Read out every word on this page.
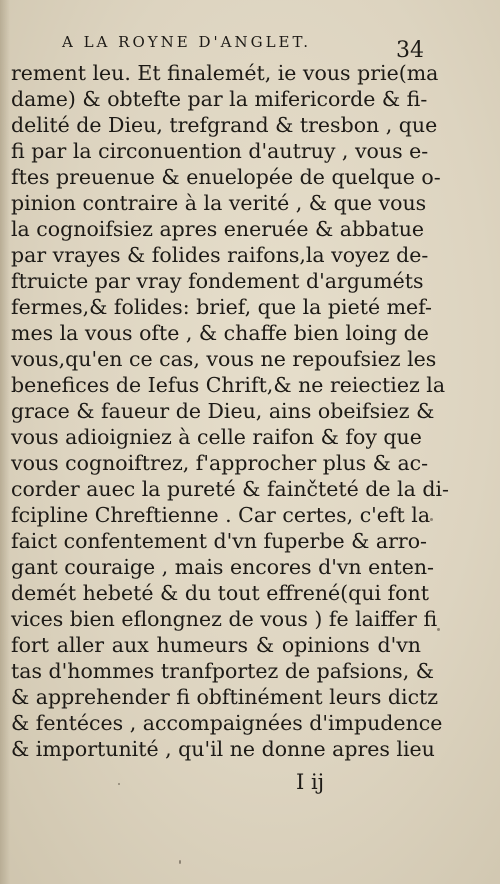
A LA ROYNE D'ANGLET.	34
rement leu. Et finalemét, ie vous prie(ma
dame) & obtefte par la mifericorde & fi-
delité de Dieu, trefgrand & tresbon , que
fi par la circonuention d'autruy , vous e-
ftes preuenue & enuelopée de quelque o-
pinion contraire à la verité , & que vous
la cognoifsiez apres eneruée & abbatue
par vrayes & folides raifons,la voyez de-
ftruicte par vray fondement d'arguméts
fermes,& folides: brief, que la pieté mef-
mes la vous ofte , & chaffe bien loing de
vous,qu'en ce cas, vous ne repoufsiez les
benefices de Iefus Chrift,& ne reiectiez la
grace & faueur de Dieu, ains obeifsiez &
vous adioigniez à celle raifon & foy que
vous cognoiftrez, f'approcher plus & ac-
corder auec la pureté & fainčteté de la di-
fcipline Chreftienne . Car certes, c'eft la
faict confentement d'vn fuperbe & arro-
gant couraige , mais encores d'vn enten-
demét hebeté & du tout effrené(qui font
vices bien eflongnez de vous ) fe laiffer fi
fort aller aux humeurs & opinions d'vn
tas d'hommes tranfportez de pafsions, &
& apprehender fi obftinément leurs dictz
& fentéces , accompaignées d'impudence
& importunité , qu'il ne donne apres lieu
I ij
